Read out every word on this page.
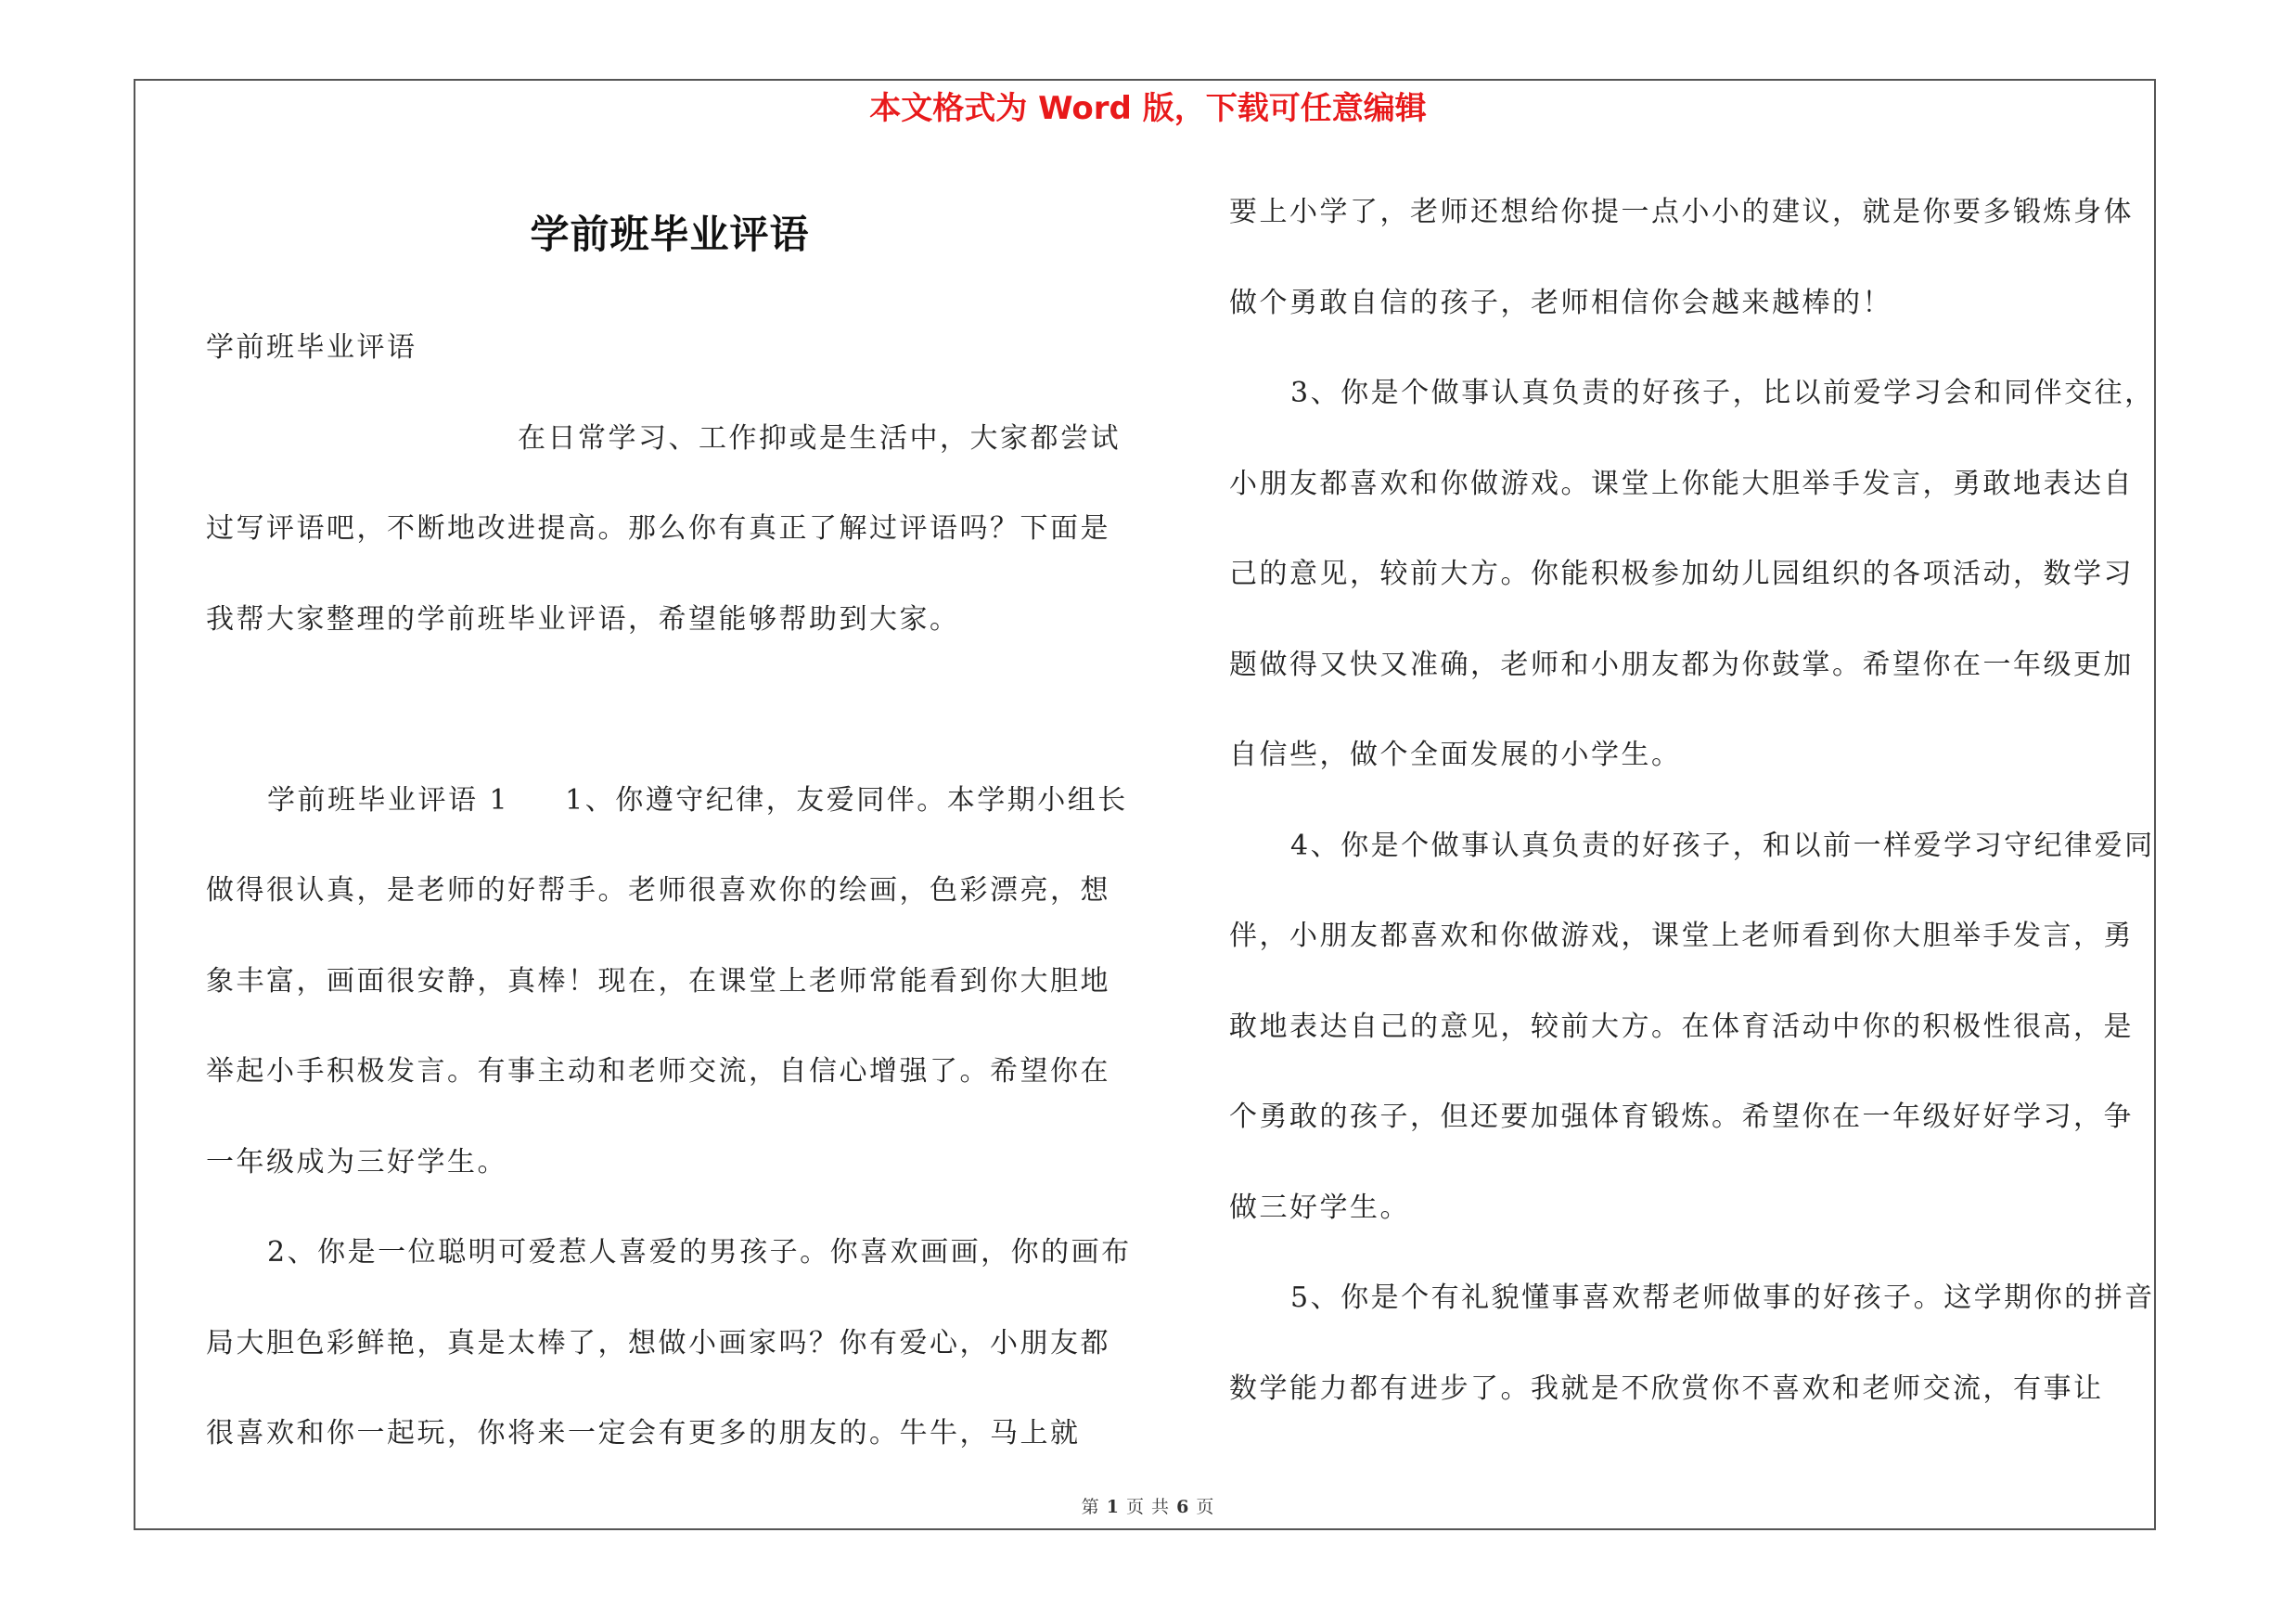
本文格式为 Word 版，下载可任意编辑
学前班毕业评语

学前班毕业评语

在日常学习、工作抑或是生活中，大家都尝试过写评语吧，不断地改进提高。那么你有真正了解过评语吗？下面是我帮大家整理的学前班毕业评语，希望能够帮助到大家。

学前班毕业评语 1 1、你遵守纪律，友爱同伴。本学期小组长做得很认真，是老师的好帮手。老师很喜欢你的绘画，色彩漂亮，想象丰富，画面很安静，真棒！现在，在课堂上老师常能看到你大胆地举起小手积极发言。有事主动和老师交流，自信心增强了。希望你在一年级成为三好学生。

2、你是一位聪明可爱惹人喜爱的男孩子。你喜欢画画，你的画布局大胆色彩鲜艳，真是太棒了，想做小画家吗？你有爱心，小朋友都很喜欢和你一起玩，你将来一定会有更多的朋友的。牛牛，马上就

要上小学了，老师还想给你提一点小小的建议，就是你要多锻炼身体做个勇敢自信的孩子，老师相信你会越来越棒的！

3、你是个做事认真负责的好孩子，比以前爱学习会和同伴交往，小朋友都喜欢和你做游戏。课堂上你能大胆举手发言，勇敢地表达自己的意见，较前大方。你能积极参加幼儿园组织的各项活动，数学习题做得又快又准确，老师和小朋友都为你鼓掌。希望你在一年级更加自信些，做个全面发展的小学生。

4、你是个做事认真负责的好孩子，和以前一样爱学习守纪律爱同伴，小朋友都喜欢和你做游戏，课堂上老师看到你大胆举手发言，勇敢地表达自己的意见，较前大方。在体育活动中你的积极性很高，是个勇敢的孩子，但还要加强体育锻炼。希望你在一年级好好学习，争做三好学生。

5、你是个有礼貌懂事喜欢帮老师做事的好孩子。这学期你的拼音数学能力都有进步了。我就是不欣赏你不喜欢和老师交流，有事让

第 1 页 共 6 页
